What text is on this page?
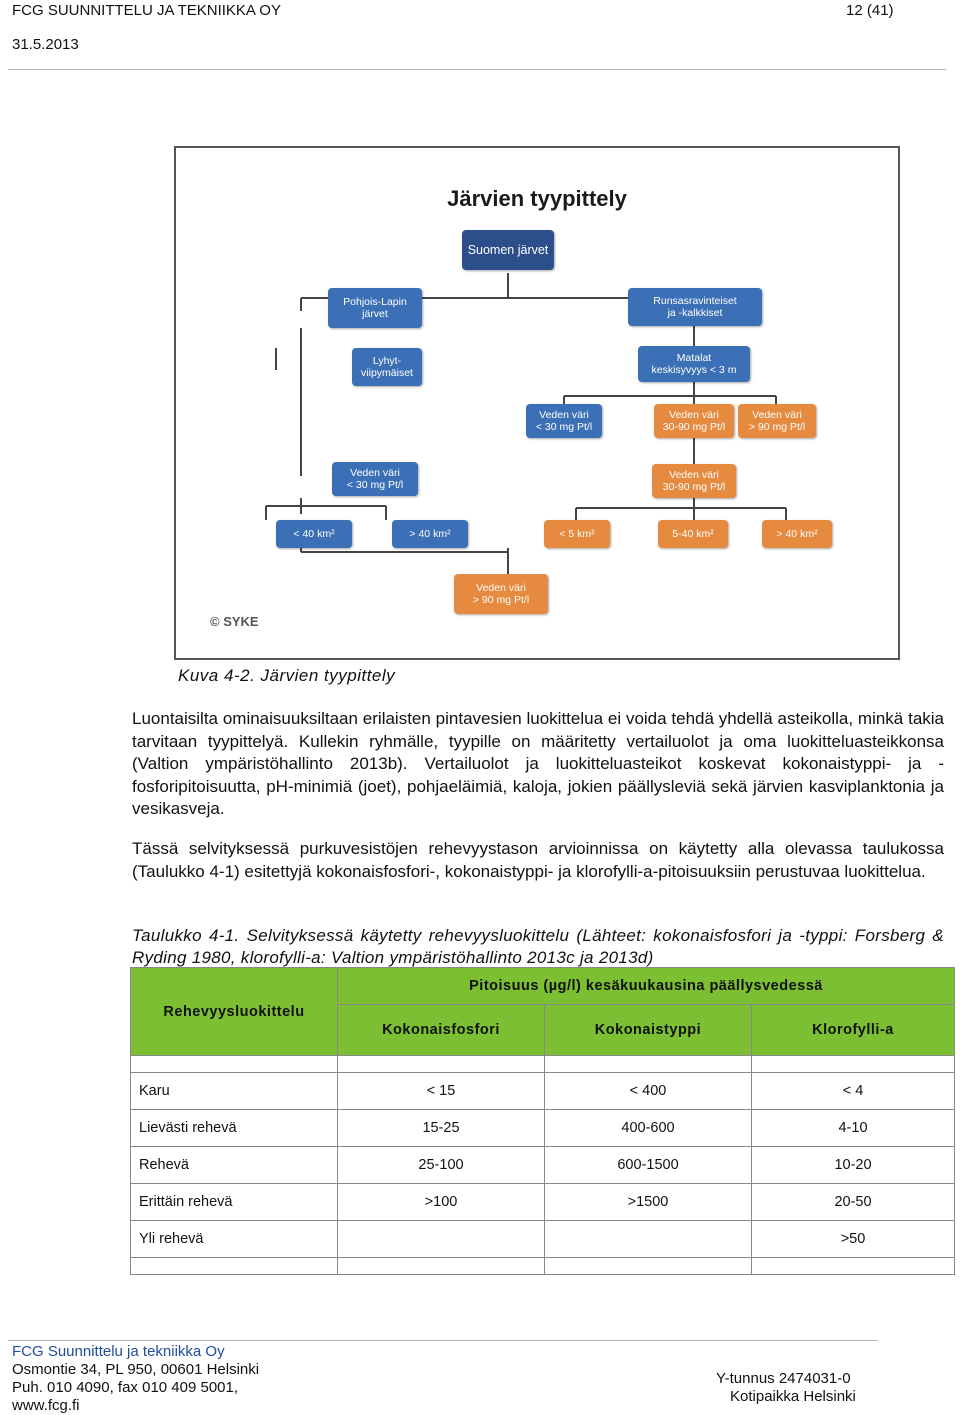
FCG SUUNNITTELU JA TEKNIIKKA OY	12 (41)
31.5.2013
Järvien tyypittely
Suomen järvet
Pohjois-Lapin
järvet
Lyhyt-
viipymäiset
Runsasravinteiset
ja -kalkkiset
Matalat
keskisyvyys < 3 m
Veden väri
< 30 mg Pt/l
Veden väri
30-90 mg Pt/l
Veden väri
> 90 mg Pt/l
Veden väri
< 30 mg Pt/l
Veden väri
30-90 mg Pt/l
< 40 km²	> 40 km²	< 5 km²	5-40 km²	> 40 km²
Veden väri
> 90 mg Pt/l
© SYKE
Kuva 4-2. Järvien tyypittely
Luontaisilta ominaisuuksiltaan erilaisten pintavesien luokittelua ei voida tehdä yhdellä asteikolla, minkä takia tarvitaan tyypittelyä. Kullekin ryhmälle, tyypille on määritetty vertailuolot ja oma luokitteluasteikkonsa (Valtion ympäristöhallinto 2013b). Vertailuolot ja luokitteluasteikot koskevat kokonaistyppi- ja -fosforipitoisuutta, pH-minimiä (joet), pohjaeläimiä, kaloja, jokien päällysleviä sekä järvien kasviplanktonia ja vesikasveja.
Tässä selvityksessä purkuvesistöjen rehevyystason arvioinnissa on käytetty alla olevassa taulukossa (Taulukko 4-1) esitettyjä kokonaisfosfori-, kokonaistyppi- ja klorofylli-a-pitoisuuksiin perustuvaa luokittelua.
Taulukko 4-1. Selvityksessä käytetty rehevyysluokittelu (Lähteet: kokonaisfosfori ja -typpi: Forsberg & Ryding 1980, klorofylli-a: Valtion ympäristöhallinto 2013c ja 2013d)
Rehevyysluokittelu	Pitoisuus (µg/l) kesäkuukausina päällysvedessä		
	Kokonaisfosfori	Kokonaistyppi	Klorofylli-a

Karu	< 15	< 400	< 4
Lievästi rehevä	15-25	400-600	4-10
Rehevä	25-100	600-1500	10-20
Erittäin rehevä	>100	>1500	20-50
Yli rehevä			>50

FCG Suunnittelu ja tekniikka Oy
Osmontie 34, PL 950, 00601 Helsinki
Puh. 010 4090, fax 010 409 5001,
www.fcg.fi
Y-tunnus 2474031-0
Kotipaikka Helsinki
